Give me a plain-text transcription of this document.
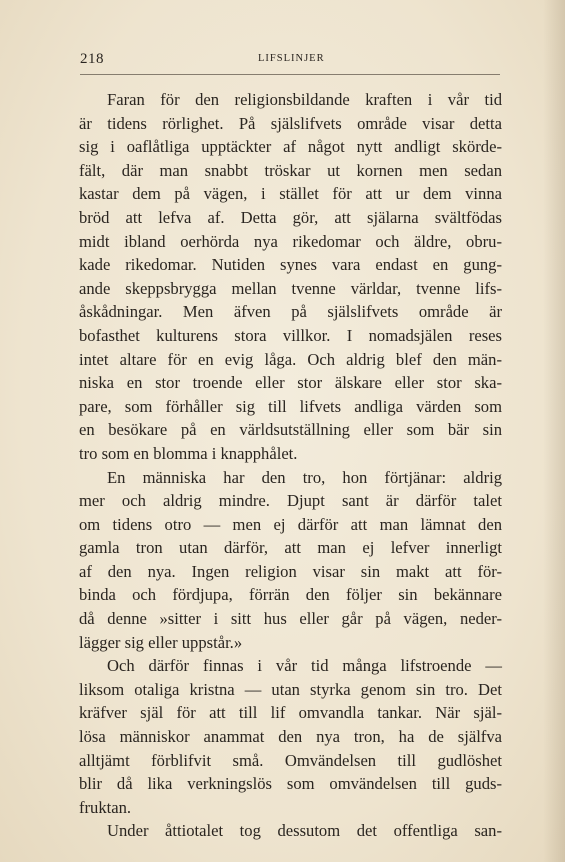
218	LIFSLINJER
Faran för den religionsbildande kraften i vår tid
är tidens rörlighet. På själslifvets område visar detta
sig i oaflåtliga upptäckter af något nytt andligt skörde-
fält, där man snabbt tröskar ut kornen men sedan
kastar dem på vägen, i stället för att ur dem vinna
bröd att lefva af. Detta gör, att själarna svältfödas
midt ibland oerhörda nya rikedomar och äldre, obru-
kade rikedomar. Nutiden synes vara endast en gung-
ande skeppsbrygga mellan tvenne världar, tvenne lifs-
åskådningar. Men äfven på själslifvets område är
bofasthet kulturens stora villkor. I nomadsjälen reses
intet altare för en evig låga. Och aldrig blef den män-
niska en stor troende eller stor älskare eller stor ska-
pare, som förhåller sig till lifvets andliga värden som
en besökare på en världsutställning eller som bär sin
tro som en blomma i knapphålet.
En människa har den tro, hon förtjänar: aldrig
mer och aldrig mindre. Djupt sant är därför talet
om tidens otro — men ej därför att man lämnat den
gamla tron utan därför, att man ej lefver innerligt
af den nya. Ingen religion visar sin makt att för-
binda och fördjupa, förrän den följer sin bekännare
då denne »sitter i sitt hus eller går på vägen, neder-
lägger sig eller uppstår.»
Och därför finnas i vår tid många lifstroende —
liksom otaliga kristna — utan styrka genom sin tro. Det
kräfver själ för att till lif omvandla tankar. När själ-
lösa människor anammat den nya tron, ha de själfva
alltjämt förblifvit små. Omvändelsen till gudlöshet
blir då lika verkningslös som omvändelsen till guds-
fruktan.
Under åttiotalet tog dessutom det offentliga san-
